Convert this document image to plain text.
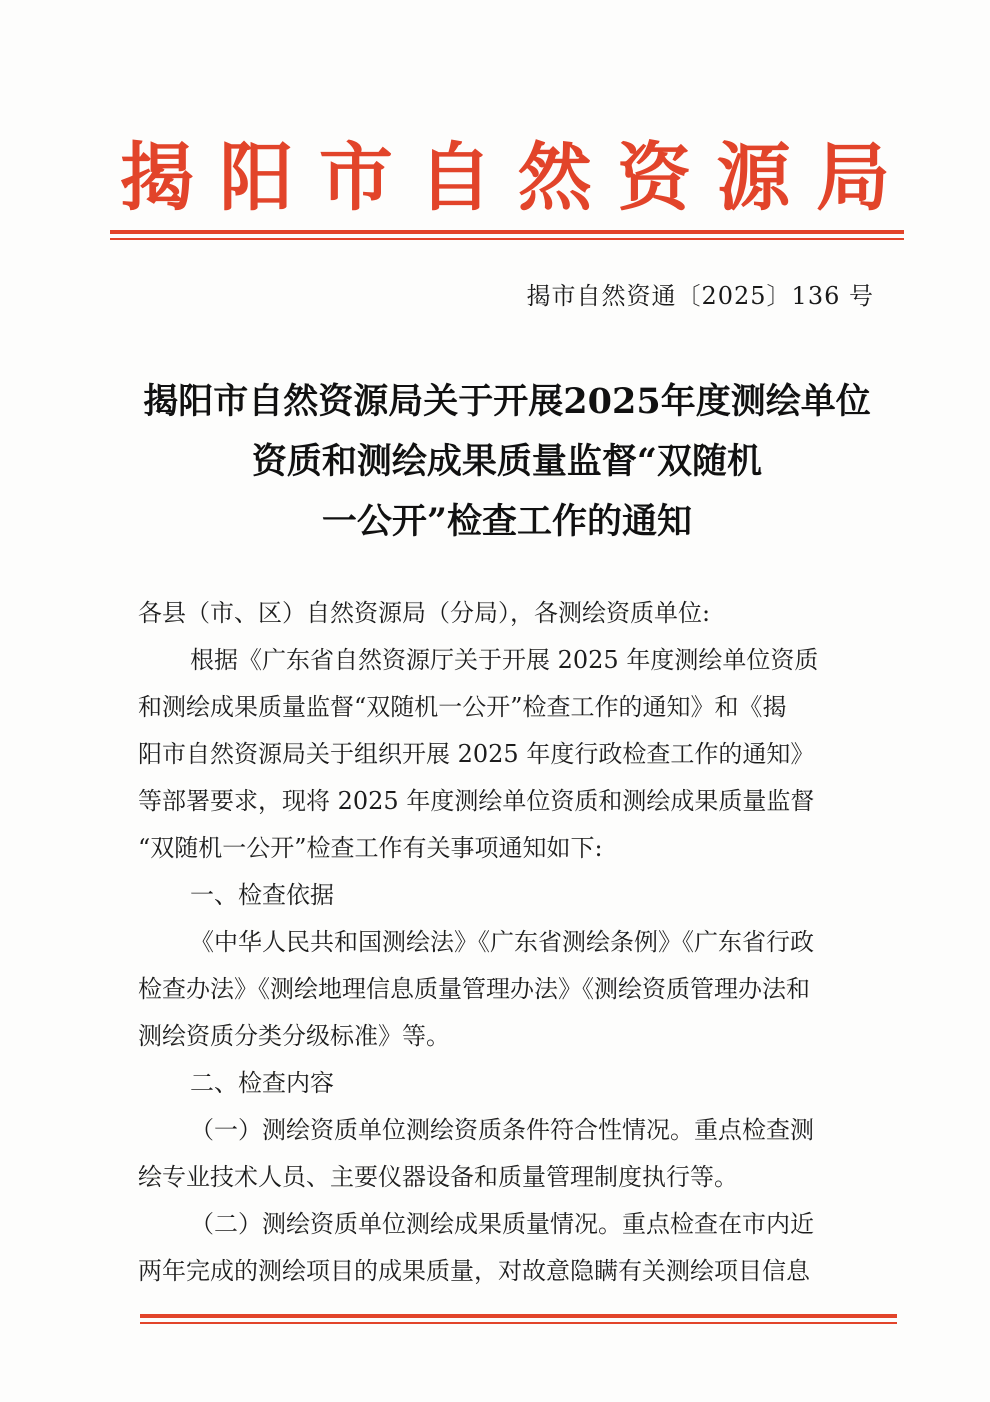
揭 阳 市 自 然 资 源 局
揭市自然资通〔2025〕136 号
揭阳市自然资源局关于开展2025年度测绘单位
资质和测绘成果质量监督“双随机
一公开”检查工作的通知
各县（市、区）自然资源局（分局），各测绘资质单位:
根据《广东省自然资源厅关于开展 2025 年度测绘单位资质
和测绘成果质量监督“双随机一公开”检查工作的通知》和《揭
阳市自然资源局关于组织开展 2025 年度行政检查工作的通知》
等部署要求，现将 2025 年度测绘单位资质和测绘成果质量监督
“双随机一公开”检查工作有关事项通知如下:
一、检查依据
《中华人民共和国测绘法》《广东省测绘条例》《广东省行政
检查办法》《测绘地理信息质量管理办法》《测绘资质管理办法和
测绘资质分类分级标准》等。
二、检查内容
（一）测绘资质单位测绘资质条件符合性情况。重点检查测
绘专业技术人员、主要仪器设备和质量管理制度执行等。
（二）测绘资质单位测绘成果质量情况。重点检查在市内近
两年完成的测绘项目的成果质量，对故意隐瞒有关测绘项目信息
